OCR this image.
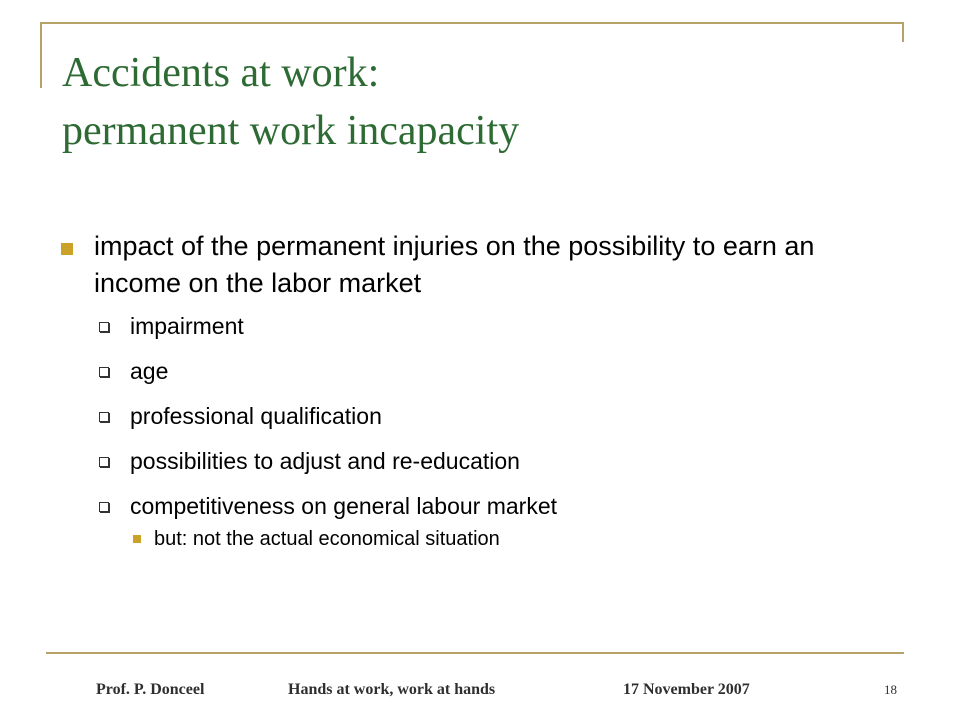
Accidents at work:
permanent work incapacity
impact of the permanent injuries on the possibility to earn an income on the labor market
impairment
age
professional qualification
possibilities to adjust and re-education
competitiveness on general labour market
but: not the actual economical situation
Prof. P. Donceel	Hands at work, work at hands	17 November 2007	18
